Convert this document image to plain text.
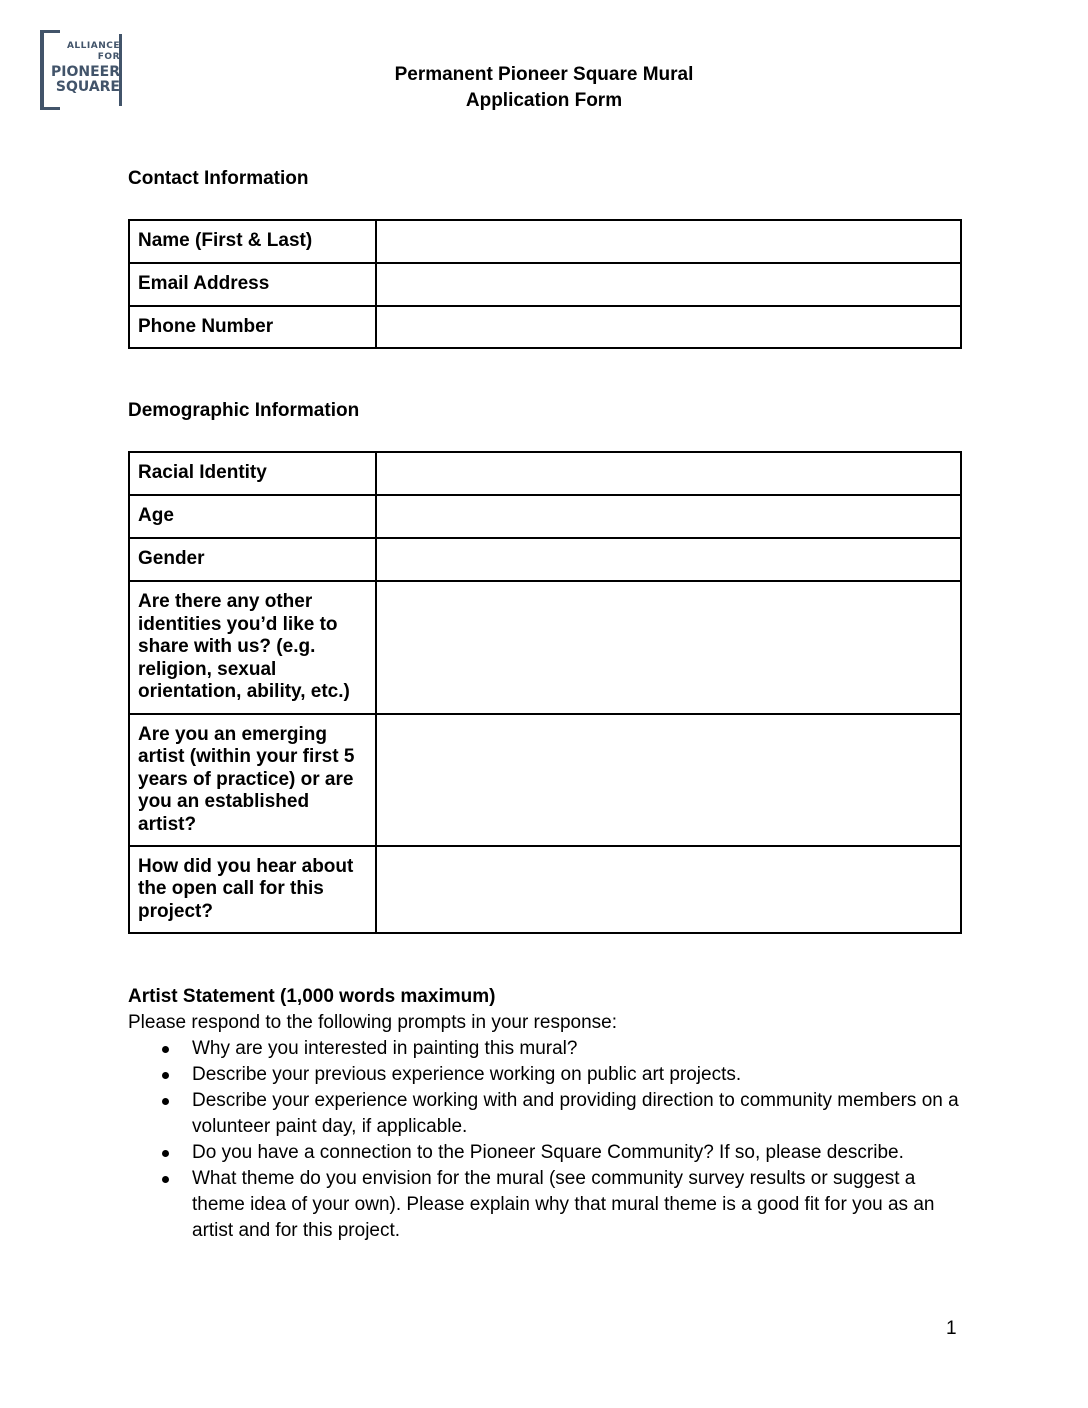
ALLIANCE
FOR
PIONEER
SQUARE
Permanent Pioneer Square Mural
Application Form
Contact Information
Name (First & Last)	
Email Address	
Phone Number	
Demographic Information
Racial Identity	
Age	
Gender	
Are there any other identities you’d like to share with us? (e.g. religion, sexual orientation, ability, etc.)	
Are you an emerging artist (within your first 5 years of practice) or are you an established artist?	
How did you hear about the open call for this project?	
Artist Statement (1,000 words maximum)
Please respond to the following prompts in your response:
Why are you interested in painting this mural?
Describe your previous experience working on public art projects.
Describe your experience working with and providing direction to community members on a volunteer paint day, if applicable.
Do you have a connection to the Pioneer Square Community? If so, please describe.
What theme do you envision for the mural (see community survey results or suggest a theme idea of your own). Please explain why that mural theme is a good fit for you as an artist and for this project.
1
